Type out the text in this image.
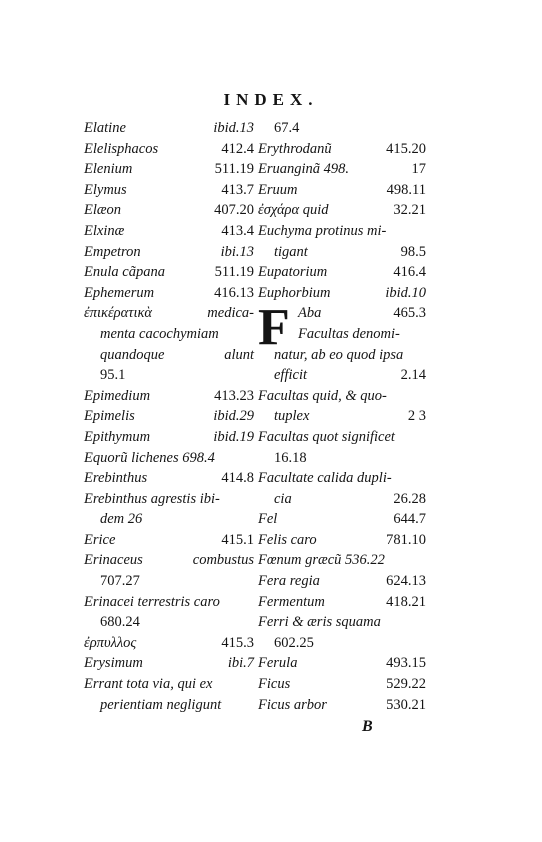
INDEX.
Elatine	ibid.13
Elelisphacos	412.4
Elenium	511.19
Elymus	413.7
Elæon	407.20
Elxinæ	413.4
Empetron	ibi.13
Enula cãpana	511.19
Ephemerum	416.13
ἐπικέρατικὰ	medica-
menta cacochymiam
quandoque	alunt
95.1
Epimedium	413.23
Epimelis	ibid.29
Epithymum	ibid.19
Equorũ lichenes 698.4
Erebinthus	414.8
Erebinthus agrestis ibi-
dem 26
Erice	415.1
Erinaceus	combustus
707.27
Erinacei terrestris caro
680.24
ἐρπυλλος	415.3
Erysimum	ibi.7
Errant tota via, qui ex
perientiam negligunt
67.4
Erythrodanũ	415.20
Eruanginã 498.	17
Eruum	498.11
ἐσχάρα quid	32.21
Euchyma protinus mi-
tigant	98.5
Eupatorium	416.4
Euphorbium	ibid.10
Aba	465.3
Facultas denomi-
natur, ab eo quod ipsa
efficit	2.14
Facultas quid, & quo-
tuplex	2 3
Facultas quot significet
16.18
Facultate calida dupli-
cia	26.28
Fel	644.7
Felis caro	781.10
Fœnum græcũ 536.22
Fera regia	624.13
Fermentum	418.21
Ferri & æris squama
602.25
Ferula	493.15
Ficus	529.22
Ficus arbor	530.21
F
B
